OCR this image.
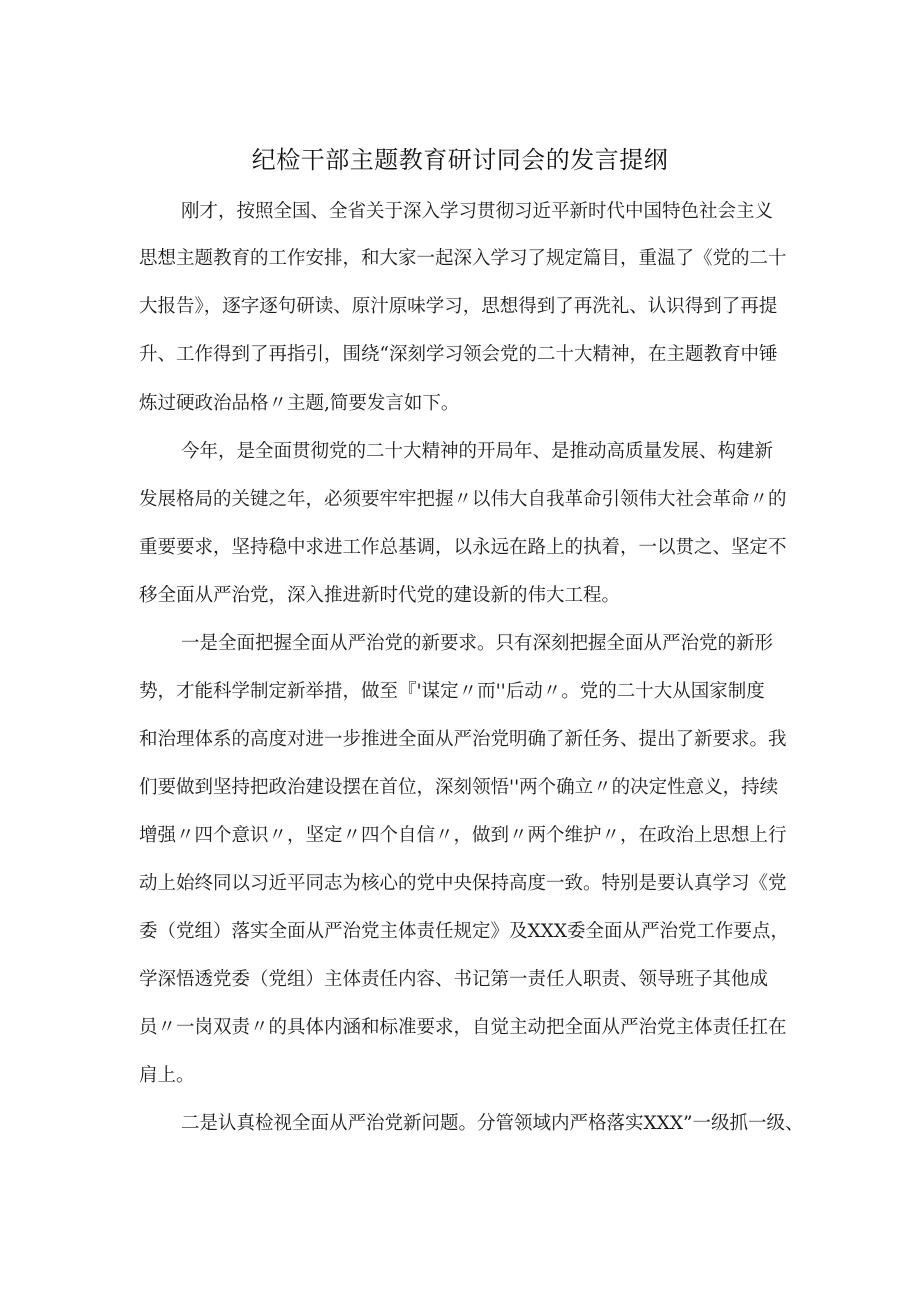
纪检干部主题教育研讨同会的发言提纲
刚才，按照全国、全省关于深入学习贯彻习近平新时代中国特色社会主义
思想主题教育的工作安排，和大家一起深入学习了规定篇目，重温了《党的二十
大报告》，逐字逐句研读、原汁原味学习，思想得到了再洗礼、认识得到了再提
升、工作得到了再指引，围绕“深刻学习领会党的二十大精神，在主题教育中锤
炼过硬政治品格〃主题,简要发言如下。
今年，是全面贯彻党的二十大精神的开局年、是推动高质量发展、构建新
发展格局的关键之年，必须要牢牢把握〃以伟大自我革命引领伟大社会革命〃的
重要要求，坚持稳中求进工作总基调，以永远在路上的执着，一以贯之、坚定不
移全面从严治党，深入推进新时代党的建设新的伟大工程。
一是全面把握全面从严治党的新要求。只有深刻把握全面从严治党的新形
势，才能科学制定新举措，做至『'谋定〃而''后动〃。党的二十大从国家制度
和治理体系的高度对进一步推进全面从严治党明确了新任务、提出了新要求。我
们要做到坚持把政治建设摆在首位，深刻领悟''两个确立〃的决定性意义，持续
增强〃四个意识〃，坚定〃四个自信〃，做到〃两个维护〃，在政治上思想上行
动上始终同以习近平同志为核心的党中央保持高度一致。特别是要认真学习《党
委（党组）落实全面从严治党主体责任规定》及XXX委全面从严治党工作要点，
学深悟透党委（党组）主体责任内容、书记第一责任人职责、领导班子其他成
员〃一岗双责〃的具体内涵和标准要求，自觉主动把全面从严治党主体责任扛在
肩上。
二是认真检视全面从严治党新问题。分管领域内严格落实XXX”一级抓一级、
